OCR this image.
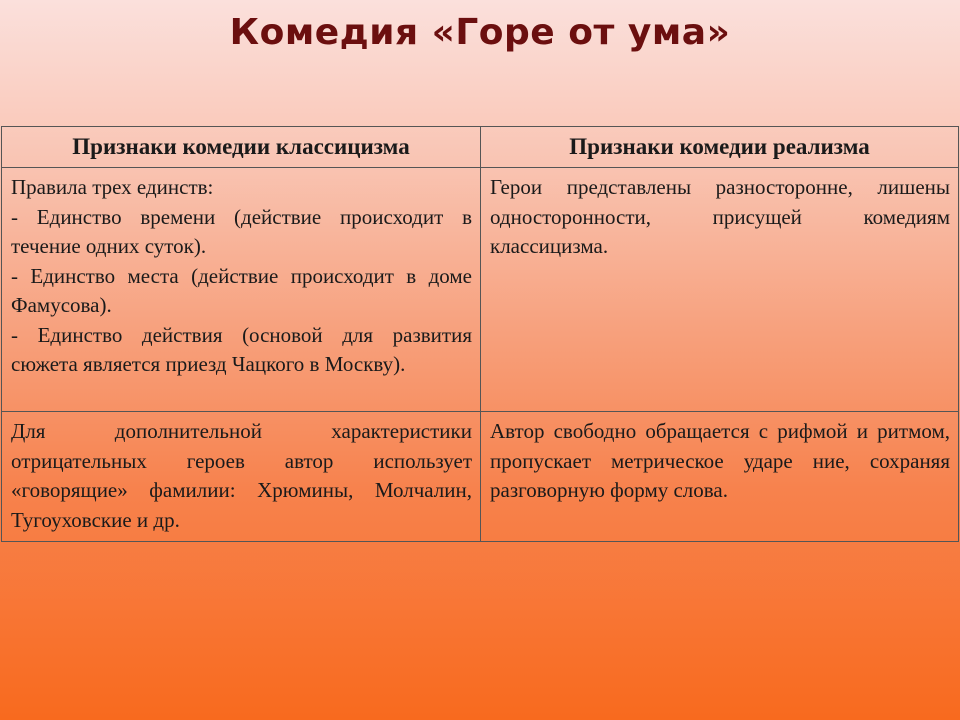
Комедия «Горе от ума»
Признаки комедии классицизма	Признаки комедии реализма

Правила трех единств:
- Единство времени (действие происходит в течение одних суток).
- Единство места (действие происходит в доме Фамусова).
- Единство действия (основой для развития сюжета является приезд Чацкого в Москву).	Герои представлены разносторонне, лишены односторонности, присущей комедиям классицизма.

Для дополнительной характеристики отрицательных героев автор использует «говорящие» фамилии: Хрюмины, Молчалин, Тугоуховские и др.	Автор свободно обращается с рифмой и ритмом, пропускает метрическое ударе ние, сохраняя разговорную форму слова.
